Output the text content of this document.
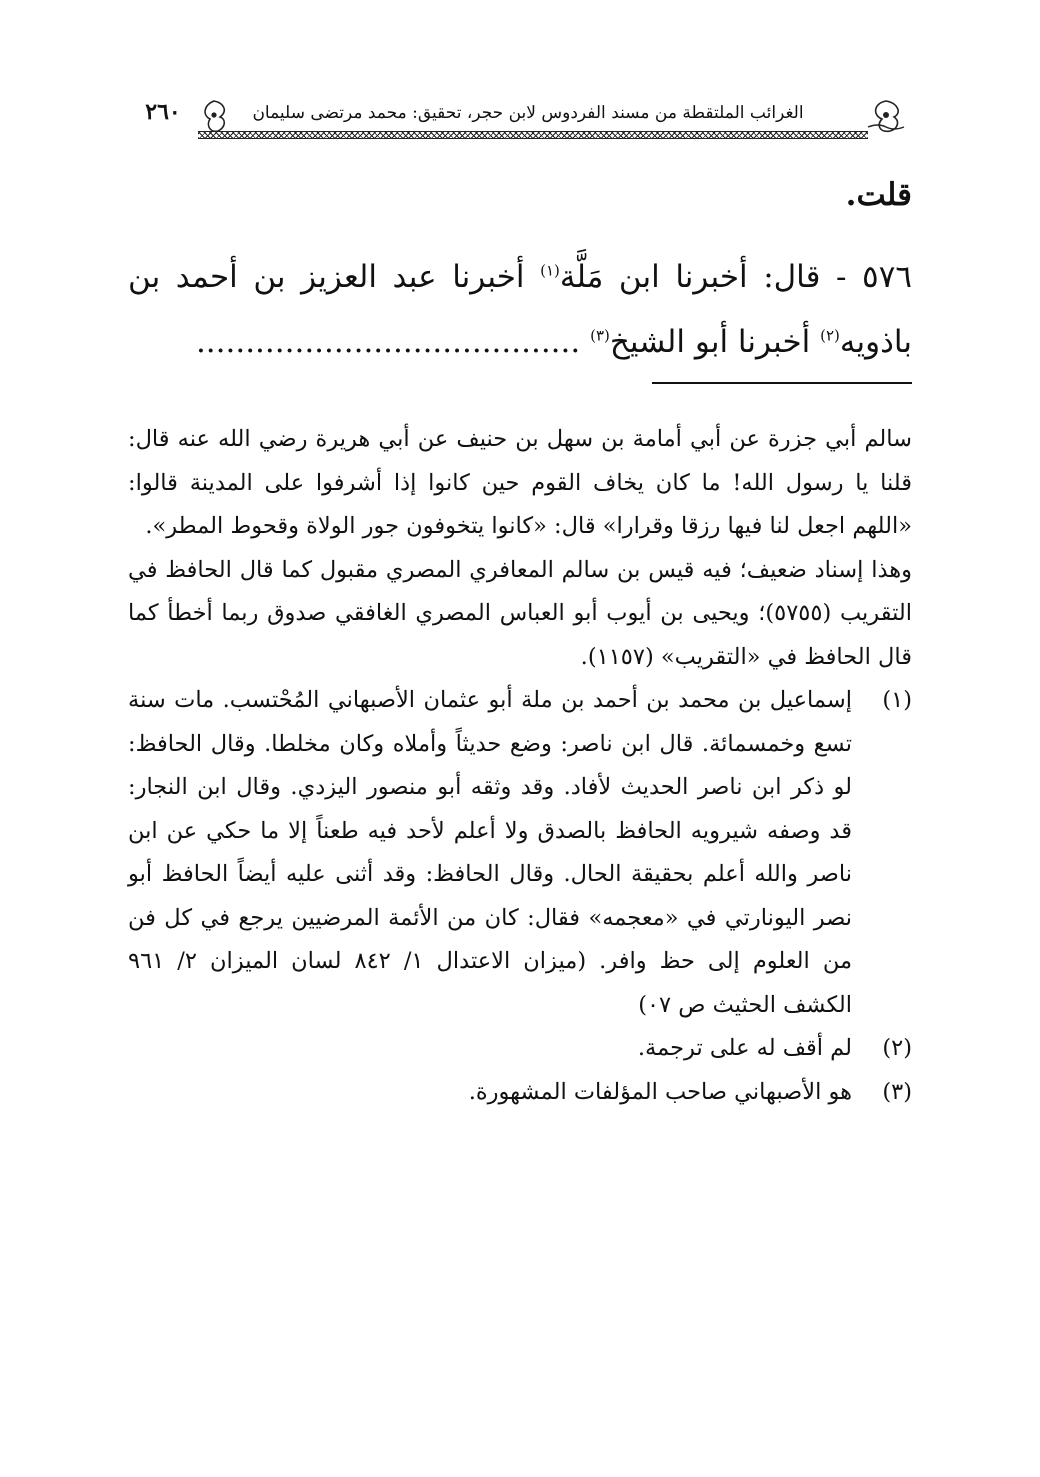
الغرائب الملتقطة من مسند الفردوس لابن حجر، تحقيق: محمد مرتضى سليمان
٢٦٠
قلت.
٥٧٦ - قال: أخبرنا ابن مَلَّة$^{(١)}$ أخبرنا عبد العزيز بن أحمد بن
باذويه$^{(٢)}$ أخبرنا أبو الشيخ$^{(٣)}$ .......................................

سالم أبي جزرة عن أبي أمامة بن سهل بن حنيف عن أبي هريرة رضي الله عنه قال: قلنا يا رسول الله! ما كان يخاف القوم حين كانوا إذا أشرفوا على المدينة قالوا: «اللهم اجعل لنا فيها رزقا وقرارا» قال: «كانوا يتخوفون جور الولاة وقحوط المطر».

وهذا إسناد ضعيف؛ فيه قيس بن سالم المعافري المصري مقبول كما قال الحافظ في التقريب (٥٧٥٥)؛ ويحيى بن أيوب أبو العباس المصري الغافقي صدوق ربما أخطأ كما قال الحافظ في «التقريب» (١١٥٧).

(١)
إسماعيل بن محمد بن أحمد بن ملة أبو عثمان الأصبهاني المُحْتسب. مات سنة تسع وخمسمائة. قال ابن ناصر: وضع حديثاً وأملاه وكان مخلطا. وقال الحافظ: لو ذكر ابن ناصر الحديث لأفاد. وقد وثقه أبو منصور اليزدي. وقال ابن النجار: قد وصفه شيرويه الحافظ بالصدق ولا أعلم لأحد فيه طعناً إلا ما حكي عن ابن ناصر والله أعلم بحقيقة الحال. وقال الحافظ: وقد أثنى عليه أيضاً الحافظ أبو نصر اليونارتي في «معجمه» فقال: كان من الأئمة المرضيين يرجع في كل فن من العلوم إلى حظ وافر. (ميزان الاعتدال ١/ ٨٤٢ لسان الميزان ٢/ ٩٦١ الكشف الحثيث ص ٠٧)
(٢)
لم أقف له على ترجمة.
(٣)
هو الأصبهاني صاحب المؤلفات المشهورة.
